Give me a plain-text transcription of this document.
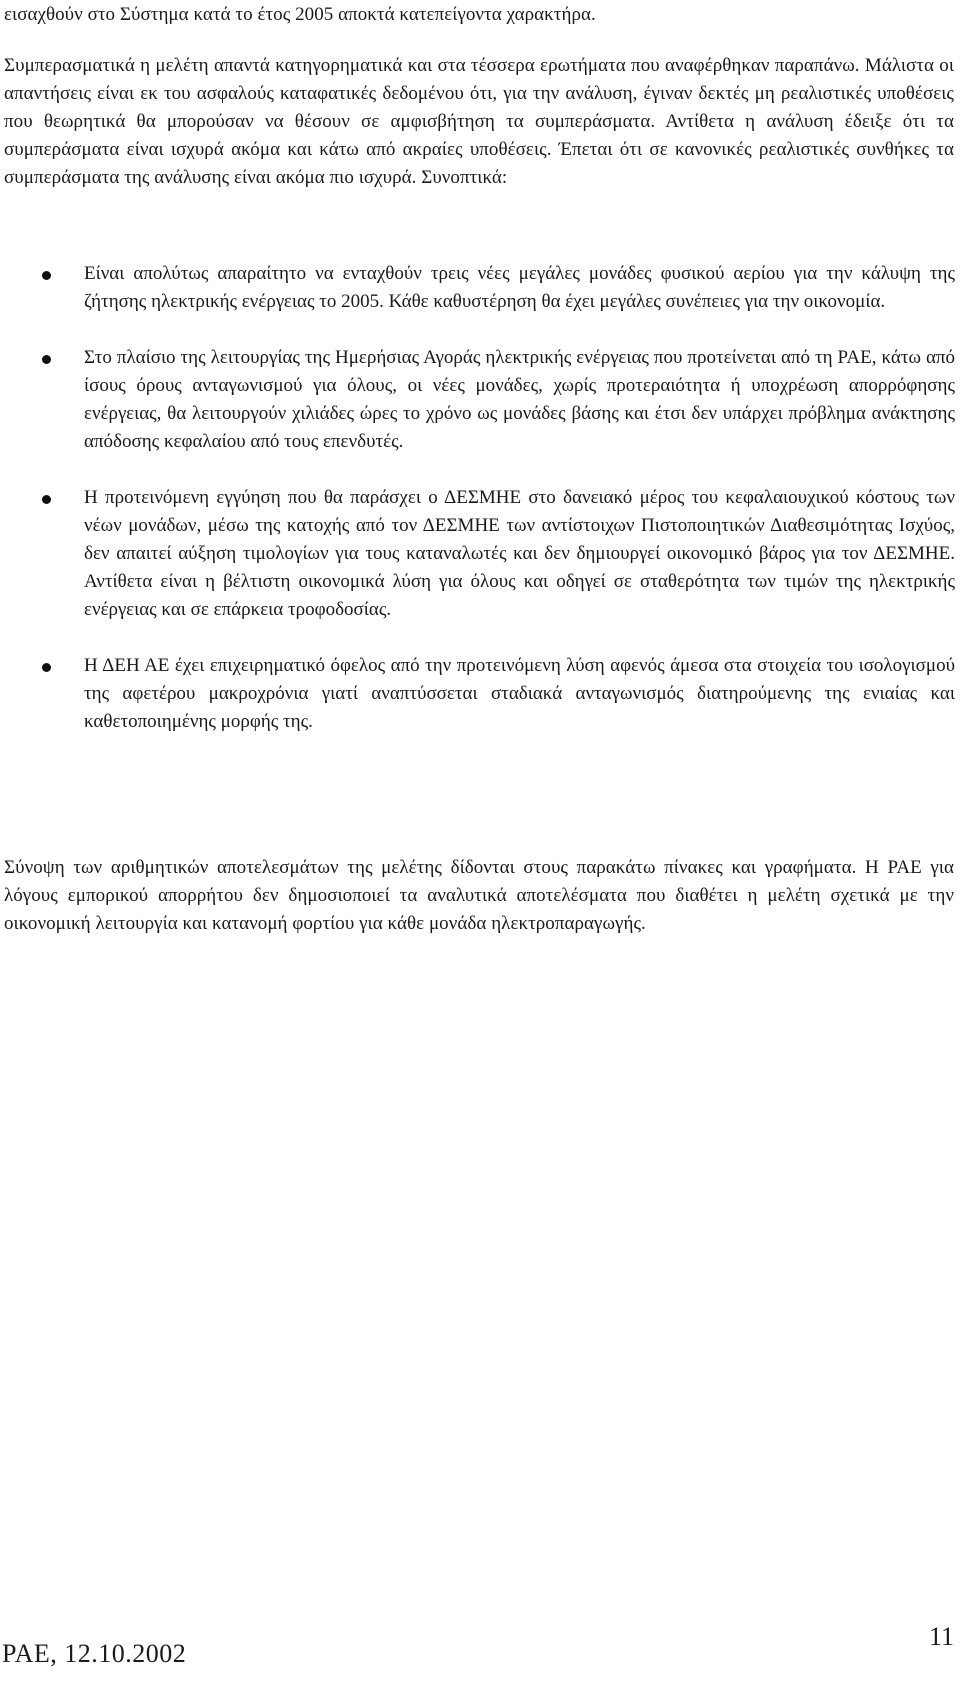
εισαχθούν στο Σύστημα κατά το έτος 2005 αποκτά κατεπείγοντα χαρακτήρα.

Συμπερασματικά η μελέτη απαντά κατηγορηματικά και στα τέσσερα ερωτήματα που αναφέρθηκαν παραπάνω. Μάλιστα οι απαντήσεις είναι εκ του ασφαλούς καταφατικές δεδομένου ότι, για την ανάλυση, έγιναν δεκτές μη ρεαλιστικές υποθέσεις που θεωρητικά θα μπορούσαν να θέσουν σε αμφισβήτηση τα συμπεράσματα. Αντίθετα η ανάλυση έδειξε ότι τα συμπεράσματα είναι ισχυρά ακόμα και κάτω από ακραίες υποθέσεις. Έπεται ότι σε κανονικές ρεαλιστικές συνθήκες τα συμπεράσματα της ανάλυσης είναι ακόμα πιο ισχυρά. Συνοπτικά:

Είναι απολύτως απαραίτητο να ενταχθούν τρεις νέες μεγάλες μονάδες φυσικού αερίου για την κάλυψη της ζήτησης ηλεκτρικής ενέργειας το 2005. Κάθε καθυστέρηση θα έχει μεγάλες συνέπειες για την οικονομία.
Στο πλαίσιο της λειτουργίας της Ημερήσιας Αγοράς ηλεκτρικής ενέργειας που προτείνεται από τη ΡΑΕ, κάτω από ίσους όρους ανταγωνισμού για όλους, οι νέες μονάδες, χωρίς προτεραιότητα ή υποχρέωση απορρόφησης ενέργειας, θα λειτουργούν χιλιάδες ώρες το χρόνο ως μονάδες βάσης και έτσι δεν υπάρχει πρόβλημα ανάκτησης απόδοσης κεφαλαίου από τους επενδυτές.
Η προτεινόμενη εγγύηση που θα παράσχει ο ΔΕΣΜΗΕ στο δανειακό μέρος του κεφαλαιουχικού κόστους των νέων μονάδων, μέσω της κατοχής από τον ΔΕΣΜΗΕ των αντίστοιχων Πιστοποιητικών Διαθεσιμότητας Ισχύος, δεν απαιτεί αύξηση τιμολογίων για τους καταναλωτές και δεν δημιουργεί οικονομικό βάρος για τον ΔΕΣΜΗΕ. Αντίθετα είναι η βέλτιστη οικονομικά λύση για όλους και οδηγεί σε σταθερότητα των τιμών της ηλεκτρικής ενέργειας και σε επάρκεια τροφοδοσίας.
Η ΔΕΗ ΑΕ έχει επιχειρηματικό όφελος από την προτεινόμενη λύση αφενός άμεσα στα στοιχεία του ισολογισμού της αφετέρου μακροχρόνια γιατί αναπτύσσεται σταδιακά ανταγωνισμός διατηρούμενης της ενιαίας και καθετοποιημένης μορφής της.

Σύνοψη των αριθμητικών αποτελεσμάτων της μελέτης δίδονται στους παρακάτω πίνακες και γραφήματα. Η ΡΑΕ για λόγους εμπορικού απορρήτου δεν δημοσιοποιεί τα αναλυτικά αποτελέσματα που διαθέτει η μελέτη σχετικά με την οικονομική λειτουργία και κατανομή φορτίου για κάθε μονάδα ηλεκτροπαραγωγής.

ΡΑΕ, 12.10.2002
11
